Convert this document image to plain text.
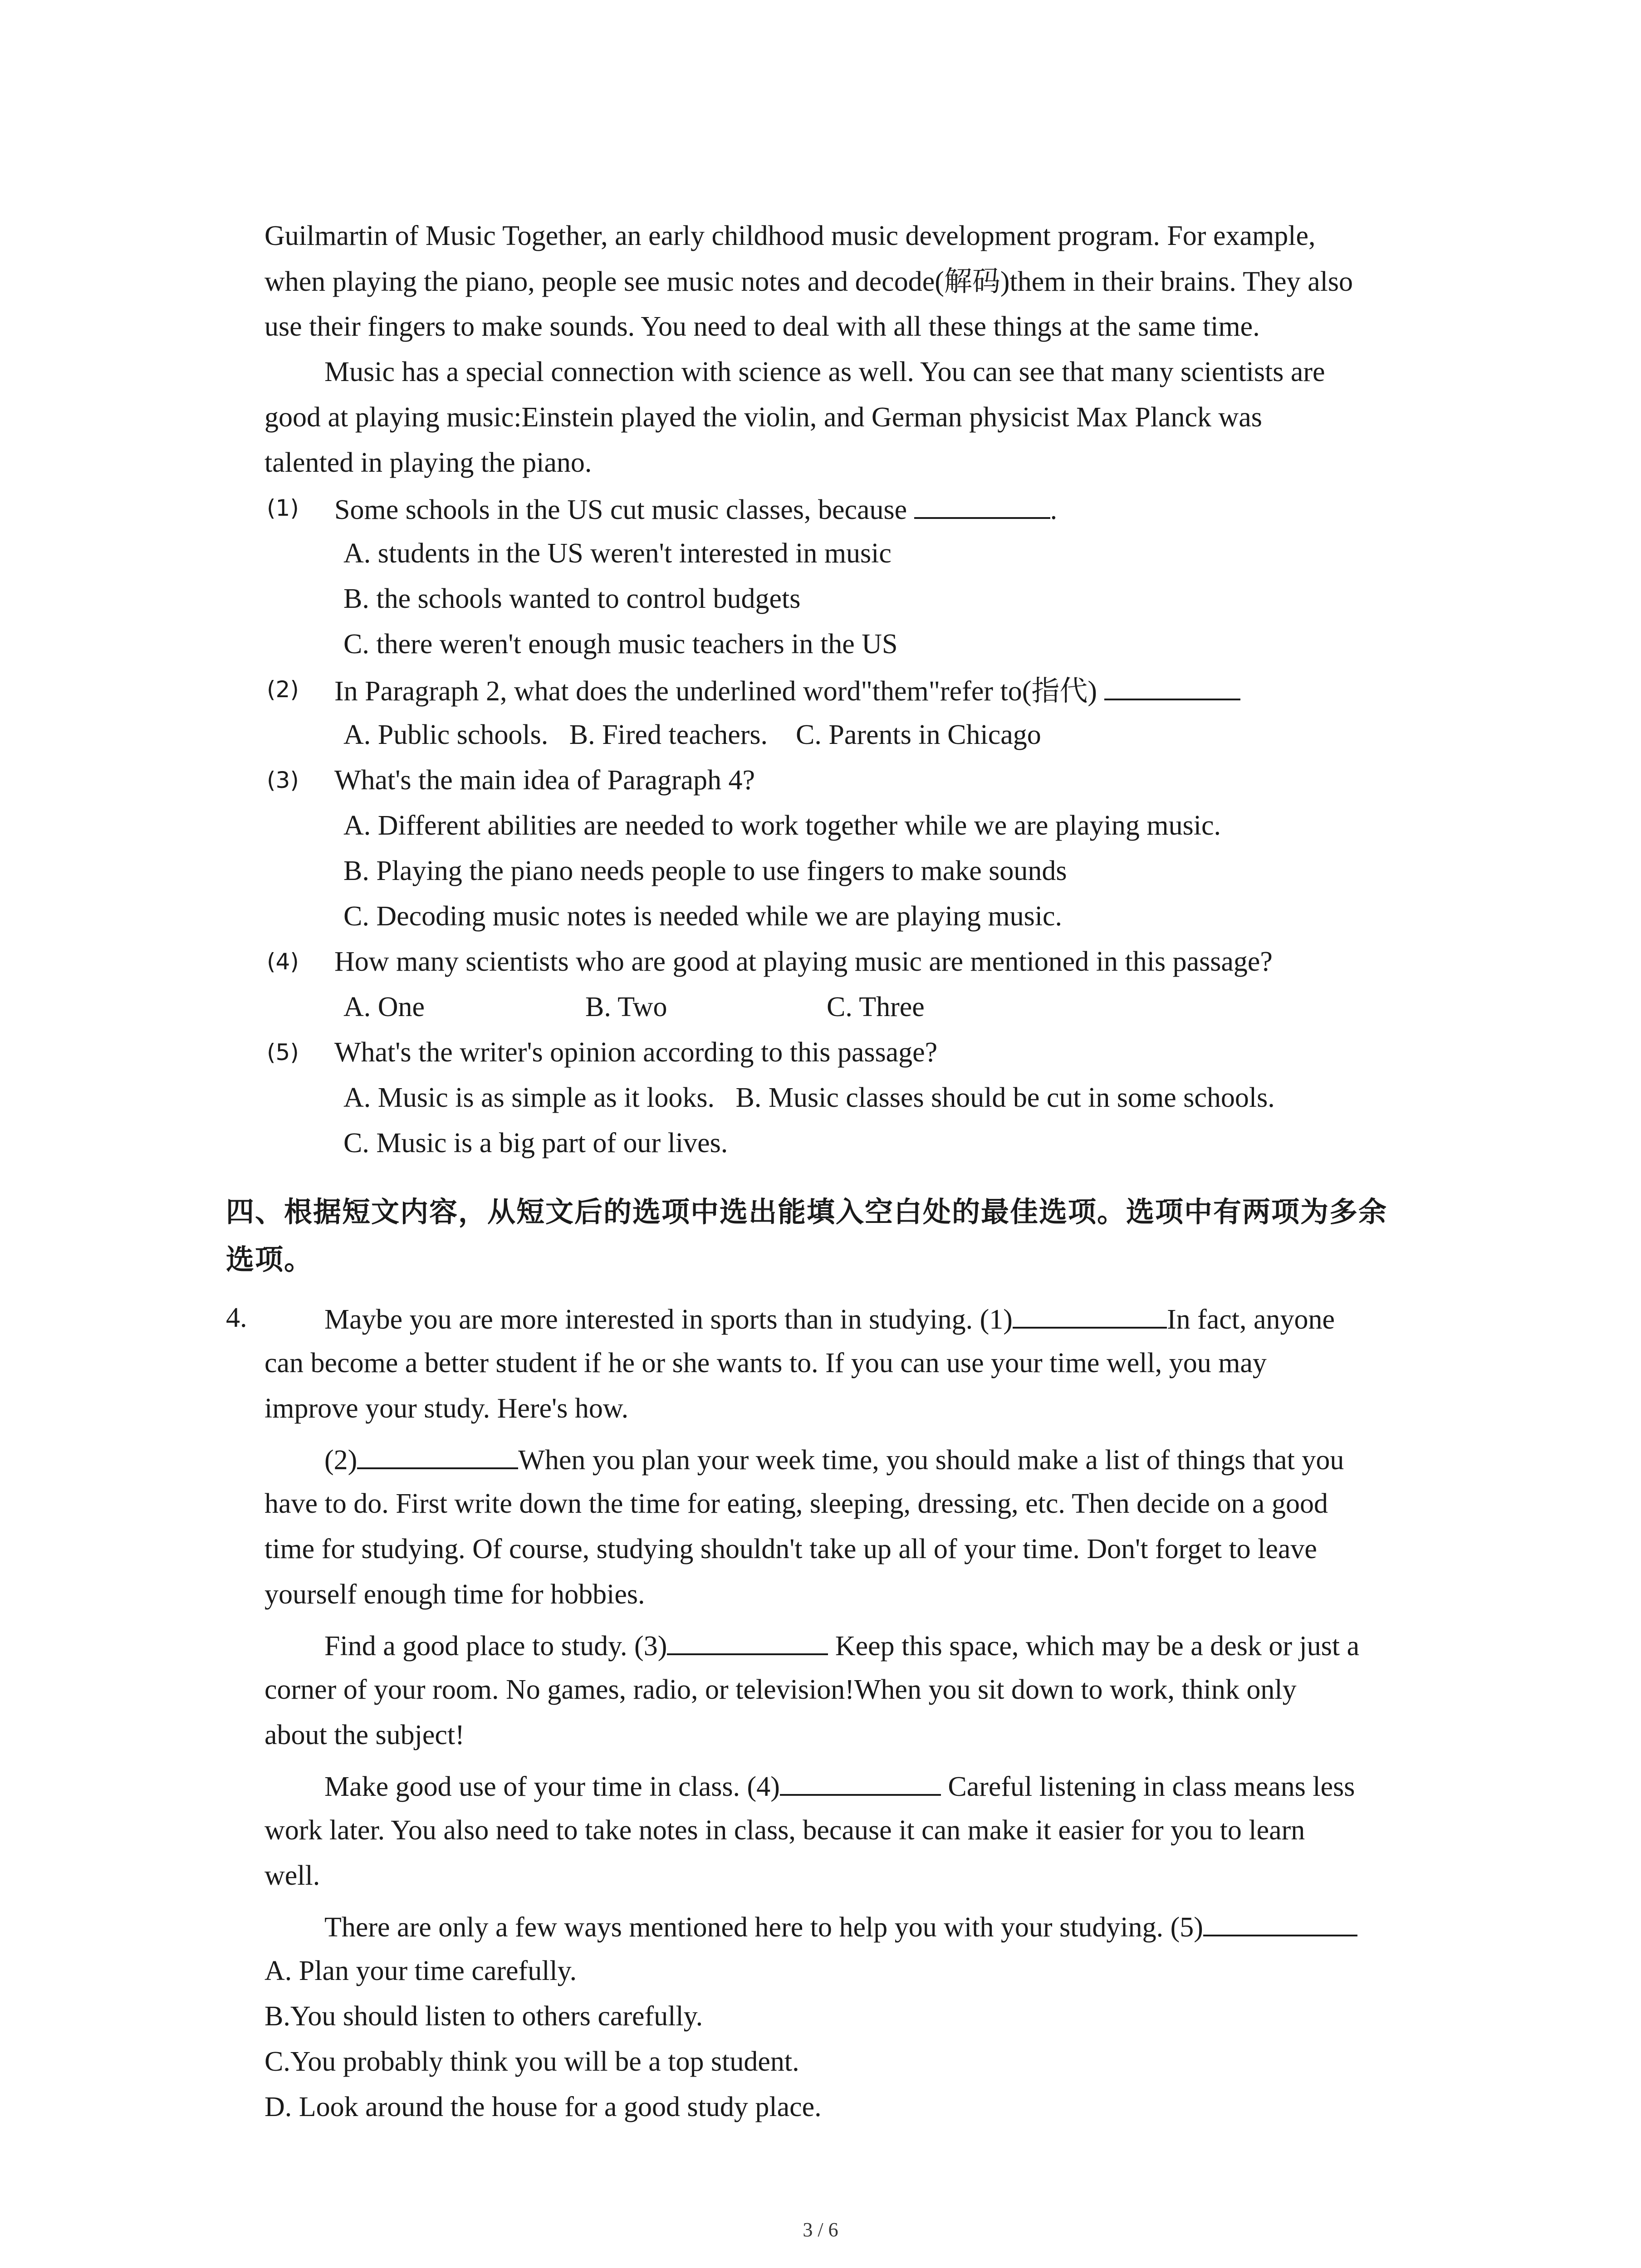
Guilmartin of Music Together, an early childhood music development program. For example,
when playing the piano, people see music notes and decode(解码)them in their brains. They also
use their fingers to make sounds. You need to deal with all these things at the same time.
Music has a special connection with science as well. You can see that many scientists are
good at playing music:Einstein played the violin, and German physicist Max Planck was
talented in playing the piano.
(1) Some schools in the US cut music classes, because	.
A. students in the US weren't interested in music
B. the schools wanted to control budgets
C. there weren't enough music teachers in the US
(2) In Paragraph 2, what does the underlined word"them"refer to(指代)
A. Public schools.   B. Fired teachers.    C. Parents in Chicago
(3) What's the main idea of Paragraph 4?
A. Different abilities are needed to work together while we are playing music.
B. Playing the piano needs people to use fingers to make sounds
C. Decoding music notes is needed while we are playing music.
(4) How many scientists who are good at playing music are mentioned in this passage?
A. One	B. Two	C. Three
(5) What's the writer's opinion according to this passage?
A. Music is as simple as it looks.   B. Music classes should be cut in some schools.
C. Music is a big part of our lives.
四、根据短文内容，从短文后的选项中选出能填入空白处的最佳选项。选项中有两项为多余
选项。
4.	Maybe you are more interested in sports than in studying. (1)	In fact, anyone
can become a better student if he or she wants to. If you can use your time well, you may
improve your study. Here's how.
(2)	When you plan your week time, you should make a list of things that you
have to do. First write down the time for eating, sleeping, dressing, etc. Then decide on a good
time for studying. Of course, studying shouldn't take up all of your time. Don't forget to leave
yourself enough time for hobbies.
Find a good place to study. (3)	Keep this space, which may be a desk or just a
corner of your room. No games, radio, or television!When you sit down to work, think only
about the subject!
Make good use of your time in class. (4)	Careful listening in class means less
work later. You also need to take notes in class, because it can make it easier for you to learn
well.
There are only a few ways mentioned here to help you with your studying. (5)
A. Plan your time carefully.
B.You should listen to others carefully.
C.You probably think you will be a top student.
D. Look around the house for a good study place.
3 / 6
